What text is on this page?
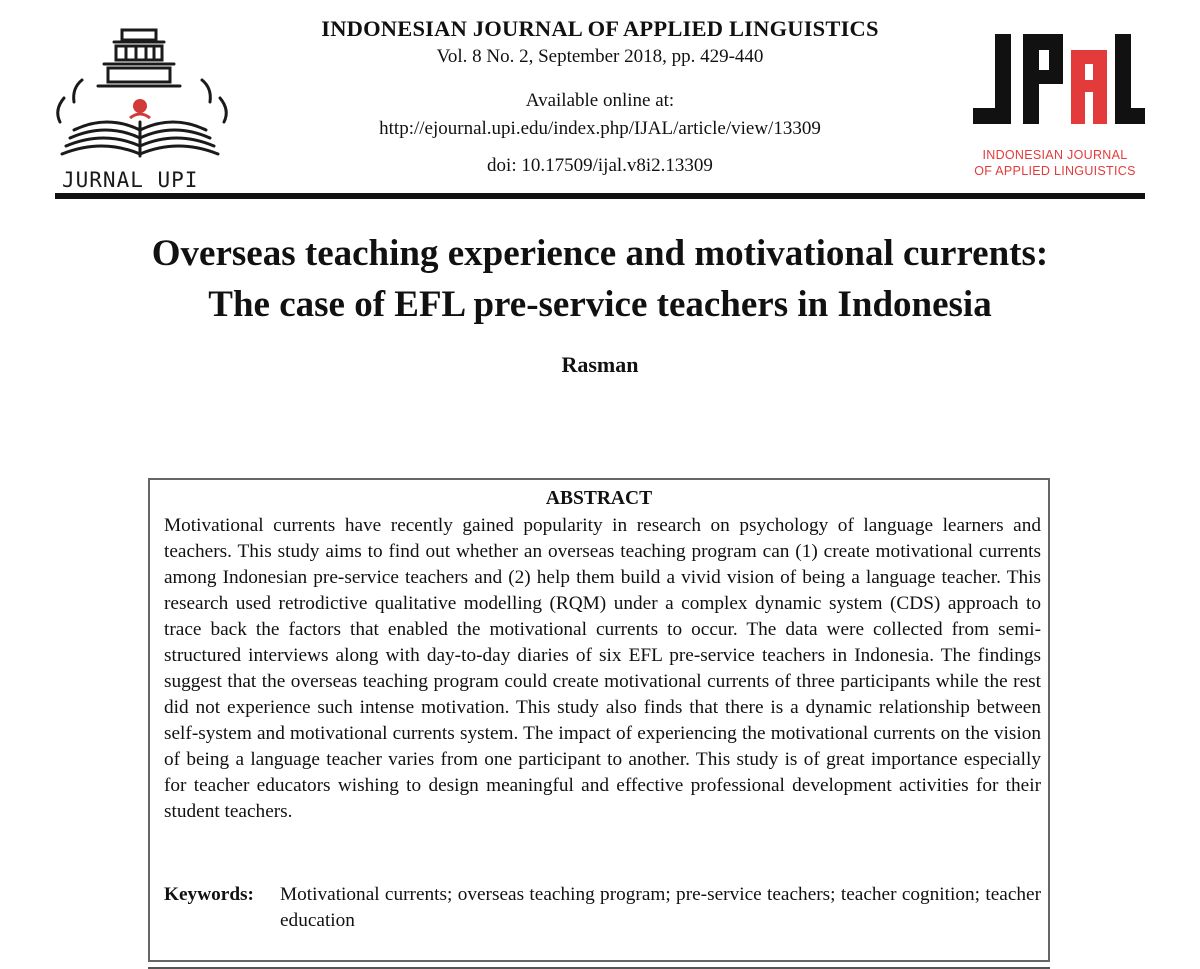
JURNAL UPI
INDONESIAN JOURNAL OF APPLIED LINGUISTICS
Vol. 8 No. 2, September 2018, pp. 429-440
Available online at:
http://ejournal.upi.edu/index.php/IJAL/article/view/13309
doi: 10.17509/ijal.v8i2.13309	INDONESIAN JOURNAL
OF APPLIED LINGUISTICS
Overseas teaching experience and motivational currents:
The case of EFL pre-service teachers in Indonesia
Rasman
ABSTRACT
Motivational currents have recently gained popularity in research on psychology of language learners and teachers. This study aims to find out whether an overseas teaching program can (1) create motivational currents among Indonesian pre-service teachers and (2) help them build a vivid vision of being a language teacher. This research used retrodictive qualitative modelling (RQM) under a complex dynamic system (CDS) approach to trace back the factors that enabled the motivational currents to occur. The data were collected from semi-structured interviews along with day-to-day diaries of six EFL pre-service teachers in Indonesia. The findings suggest that the overseas teaching program could create motivational currents of three participants while the rest did not experience such intense motivation. This study also finds that there is a dynamic relationship between self-system and motivational currents system. The impact of experiencing the motivational currents on the vision of being a language teacher varies from one participant to another. This study is of great importance especially for teacher educators wishing to design meaningful and effective professional development activities for their student teachers.
Keywords: Motivational currents; overseas teaching program; pre-service teachers; teacher cognition; teacher education
